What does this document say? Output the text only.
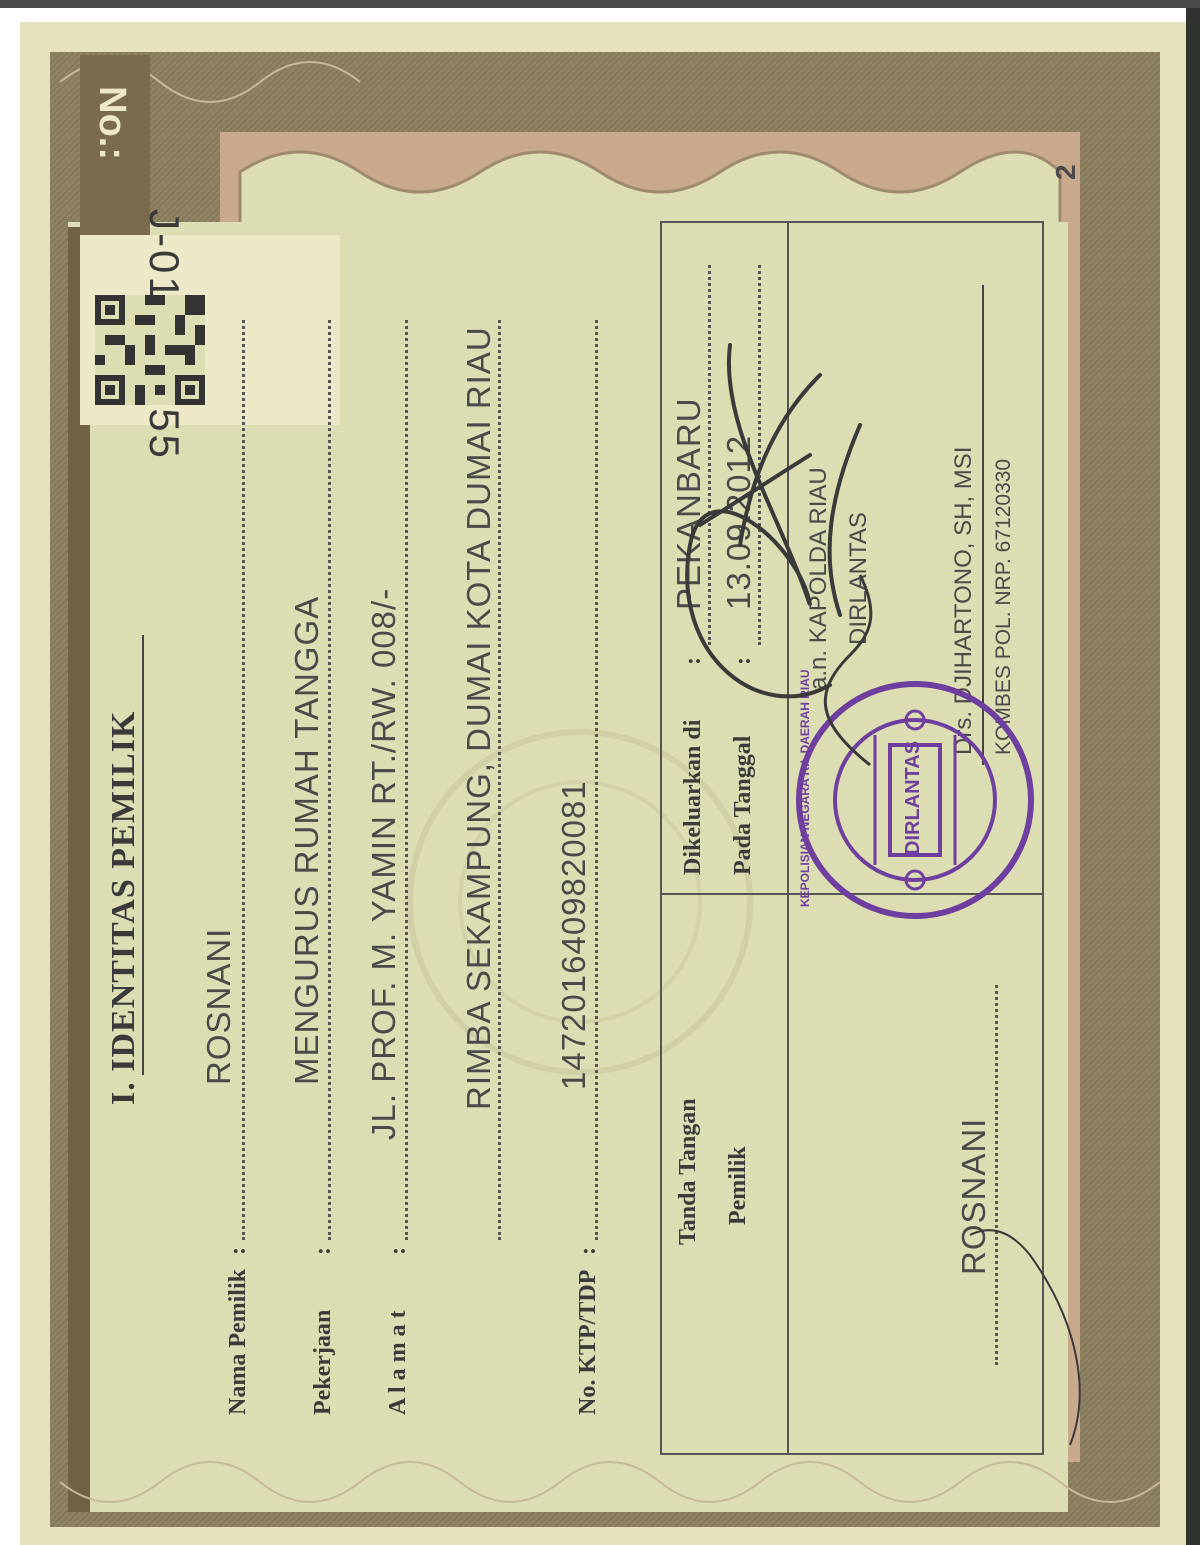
No.:
2
I. IDENTITAS PEMILIK
Nama Pemilik
:
ROSNANI
Pekerjaan
:
MENGURUS RUMAH TANGGA
A l a m a t
:
JL. PROF. M. YAMIN RT./RW. 008/- RIMBA SEKAMPUNG, DUMAI KOTA DUMAI RIAU
No. KTP/TDP
:
1472016409820081
Tanda Tangan Pemilik	ROSNANI
Dikeluarkan di
:
PEKANBARU
Pada Tanggal
:
13.09.2012 a.n. KAPOLDA RIAU DIRLANTAS	Drs. DJIHARTONO, SH, MSI KOMBES POL. NRP. 67120330
KEPOLISIAN NEGARA R.I. DAERAH RIAU	DIRLANTAS
